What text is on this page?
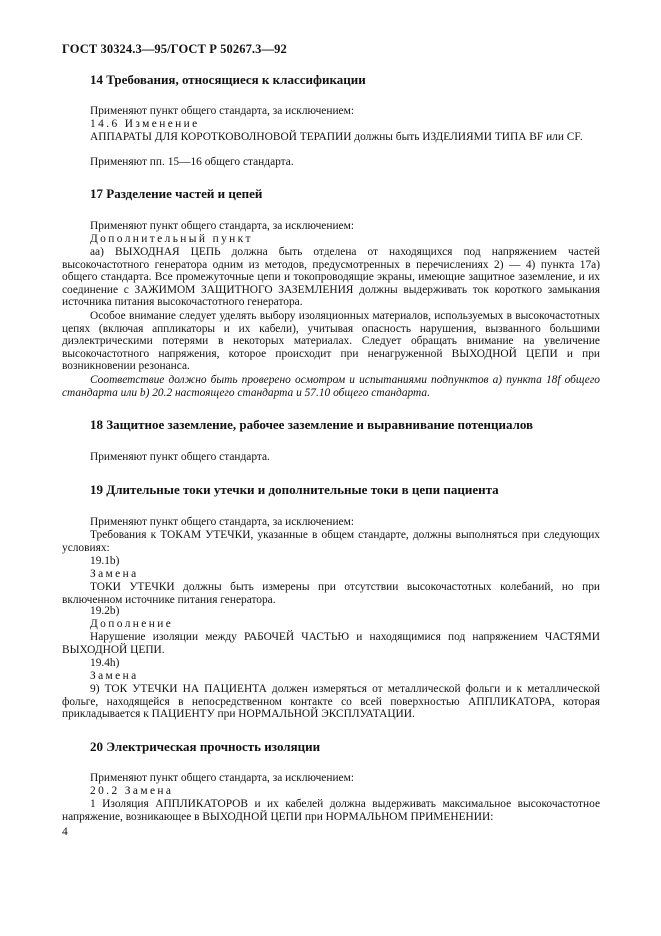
ГОСТ 30324.3—95/ГОСТ Р 50267.3—92
14 Требования, относящиеся к классификации
Применяют пункт общего стандарта, за исключением:
14.6 Изменение
АППАРАТЫ ДЛЯ КОРОТКОВОЛНОВОЙ ТЕРАПИИ должны быть ИЗДЕЛИЯМИ ТИПА BF или CF.
Применяют пп. 15—16 общего стандарта.
17 Разделение частей и цепей
Применяют пункт общего стандарта, за исключением:
Дополнительный пункт
аа) ВЫХОДНАЯ ЦЕПЬ должна быть отделена от находящихся под напряжением частей высокочастотного генератора одним из методов, предусмотренных в перечислениях 2) — 4) пункта 17а) общего стандарта. Все промежуточные цепи и токопроводящие экраны, имеющие защитное заземление, и их соединение с ЗАЖИМОМ ЗАЩИТНОГО ЗАЗЕМЛЕНИЯ должны выдерживать ток короткого замыкания источника питания высокочастотного генератора.
Особое внимание следует уделять выбору изоляционных материалов, используемых в высокочастотных цепях (включая аппликаторы и их кабели), учитывая опасность нарушения, вызванного большими диэлектрическими потерями в некоторых материалах. Следует обращать внимание на увеличение высокочастотного напряжения, которое происходит при ненагруженной ВЫХОДНОЙ ЦЕПИ и при возникновении резонанса.
Соответствие должно быть проверено осмотром и испытаниями подпунктов а) пункта 18f общего стандарта или b) 20.2 настоящего стандарта и 57.10 общего стандарта.
18 Защитное заземление, рабочее заземление и выравнивание потенциалов
Применяют пункт общего стандарта.
19 Длительные токи утечки и дополнительные токи в цепи пациента
Применяют пункт общего стандарта, за исключением:
Требования к ТОКАМ УТЕЧКИ, указанные в общем стандарте, должны выполняться при следующих условиях:
19.1b)
Замена
ТОКИ УТЕЧКИ должны быть измерены при отсутствии высокочастотных колебаний, но при включенном источнике питания генератора.
19.2b)
Дополнение
Нарушение изоляции между РАБОЧЕЙ ЧАСТЬЮ и находящимися под напряжением ЧАСТЯМИ ВЫХОДНОЙ ЦЕПИ.
19.4h)
Замена
9) ТОК УТЕЧКИ НА ПАЦИЕНТА должен измеряться от металлической фольги и к металлической фольге, находящейся в непосредственном контакте со всей поверхностью АППЛИКАТОРА, которая прикладывается к ПАЦИЕНТУ при НОРМАЛЬНОЙ ЭКСПЛУАТАЦИИ.
20 Электрическая прочность изоляции
Применяют пункт общего стандарта, за исключением:
20.2 Замена
1 Изоляция АППЛИКАТОРОВ и их кабелей должна выдерживать максимальное высокочастотное напряжение, возникающее в ВЫХОДНОЙ ЦЕПИ при НОРМАЛЬНОМ ПРИМЕНЕНИИ:
4
